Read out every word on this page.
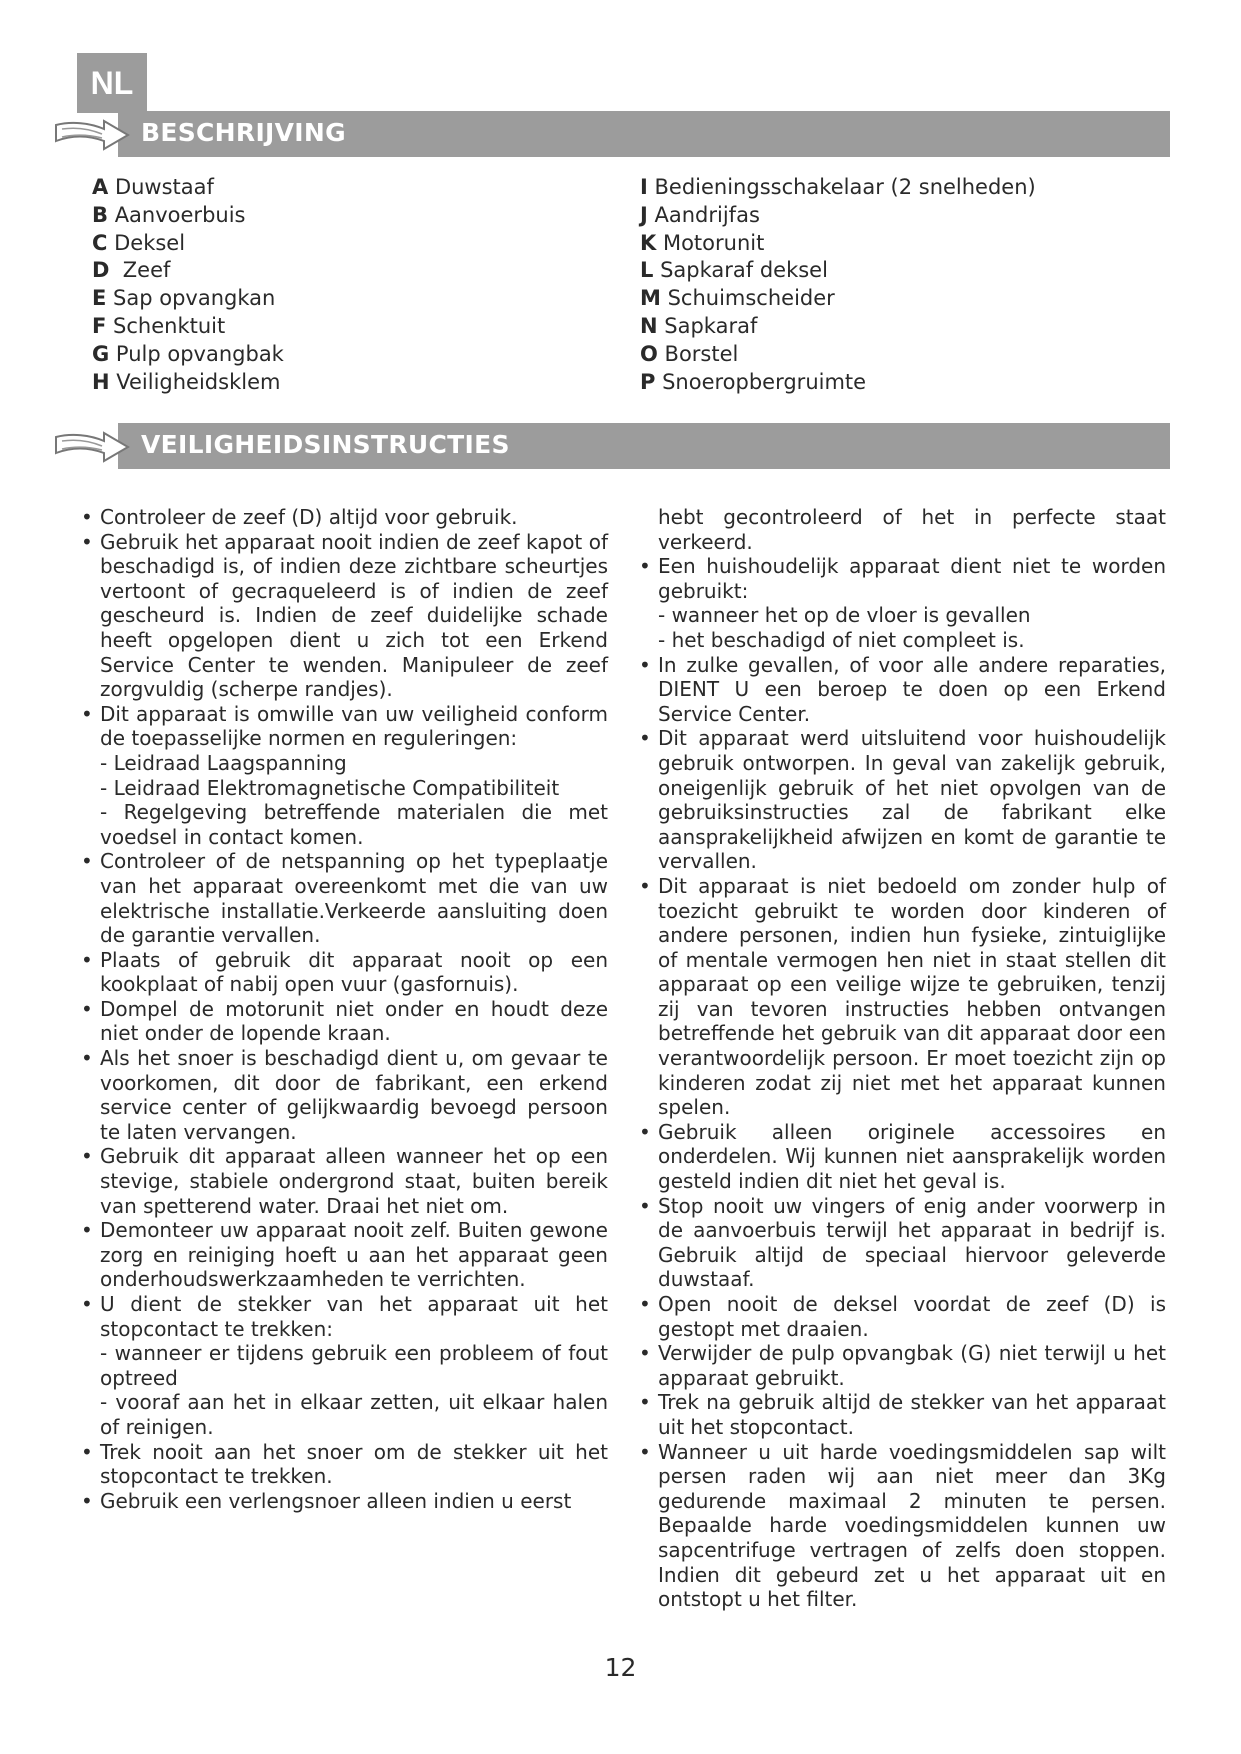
NL
BESCHRIJVING
A Duwstaaf
B Aanvoerbuis
C Deksel
D  Zeef
E Sap opvangkan
F Schenktuit
G Pulp opvangbak
H Veiligheidsklem
I Bedieningsschakelaar (2 snelheden)
J Aandrijfas
K Motorunit
L Sapkaraf deksel
M Schuimscheider
N Sapkaraf
O Borstel
P Snoeropbergruimte
VEILIGHEIDSINSTRUCTIES
• Controleer de zeef (D) altijd voor gebruik.
• Gebruik het apparaat nooit indien de zeef kapot of beschadigd is, of indien deze zichtbare scheurtjes vertoont of gecraqueleerd is of indien de zeef gescheurd is. Indien de zeef duidelijke schade heeft opgelopen dient u zich tot een Erkend Service Center te wenden. Manipuleer de zeef zorgvuldig (scherpe randjes).
• Dit apparaat is omwille van uw veiligheid conform de toepasselijke normen en reguleringen:
- Leidraad Laagspanning
- Leidraad Elektromagnetische Compatibiliteit
- Regelgeving betreffende materialen die met voedsel in contact komen.
• Controleer of de netspanning op het typeplaatje van het apparaat overeenkomt met die van uw elektrische installatie.Verkeerde aansluiting doen de garantie vervallen.
• Plaats of gebruik dit apparaat nooit op een kookplaat of nabij open vuur (gasfornuis).
• Dompel de motorunit niet onder en houdt deze niet onder de lopende kraan.
• Als het snoer is beschadigd dient u, om gevaar te voorkomen, dit door de fabrikant, een erkend service center of gelijkwaardig bevoegd persoon te laten vervangen.
• Gebruik dit apparaat alleen wanneer het op een stevige, stabiele ondergrond staat, buiten bereik van spetterend water. Draai het niet om.
• Demonteer uw apparaat nooit zelf. Buiten gewone zorg en reiniging hoeft u aan het apparaat geen onderhoudswerkzaamheden te verrichten.
• U dient de stekker van het apparaat uit het stopcontact te trekken:
- wanneer er tijdens gebruik een probleem of fout optreed
- vooraf aan het in elkaar zetten, uit elkaar halen of reinigen.
• Trek nooit aan het snoer om de stekker uit het stopcontact te trekken.
• Gebruik een verlengsnoer alleen indien u eerst
hebt gecontroleerd of het in perfecte staat verkeerd.
• Een huishoudelijk apparaat dient niet te worden gebruikt:
- wanneer het op de vloer is gevallen
- het beschadigd of niet compleet is.
• In zulke gevallen, of voor alle andere reparaties, DIENT U een beroep te doen op een Erkend Service Center.
• Dit apparaat werd uitsluitend voor huishoudelijk gebruik ontworpen. In geval van zakelijk gebruik, oneigenlijk gebruik of het niet opvolgen van de gebruiksinstructies zal de fabrikant elke aansprakelijkheid afwijzen en komt de garantie te vervallen.
• Dit apparaat is niet bedoeld om zonder hulp of toezicht gebruikt te worden door kinderen of andere personen, indien hun fysieke, zintuiglijke of mentale vermogen hen niet in staat stellen dit apparaat op een veilige wijze te gebruiken, tenzij zij van tevoren instructies hebben ontvangen betreffende het gebruik van dit apparaat door een verantwoordelijk persoon. Er moet toezicht zijn op kinderen zodat zij niet met het apparaat kunnen spelen.
• Gebruik alleen originele accessoires en onderdelen. Wij kunnen niet aansprakelijk worden gesteld indien dit niet het geval is.
• Stop nooit uw vingers of enig ander voorwerp in de aanvoerbuis terwijl het apparaat in bedrijf is. Gebruik altijd de speciaal hiervoor geleverde duwstaaf.
• Open nooit de deksel voordat de zeef (D) is gestopt met draaien.
• Verwijder de pulp opvangbak (G) niet terwijl u het apparaat gebruikt.
• Trek na gebruik altijd de stekker van het apparaat uit het stopcontact.
• Wanneer u uit harde voedingsmiddelen sap wilt persen raden wij aan niet meer dan 3Kg gedurende maximaal 2 minuten te persen. Bepaalde harde voedingsmiddelen kunnen uw sapcentrifuge vertragen of zelfs doen stoppen. Indien dit gebeurd zet u het apparaat uit en ontstopt u het filter.
12
